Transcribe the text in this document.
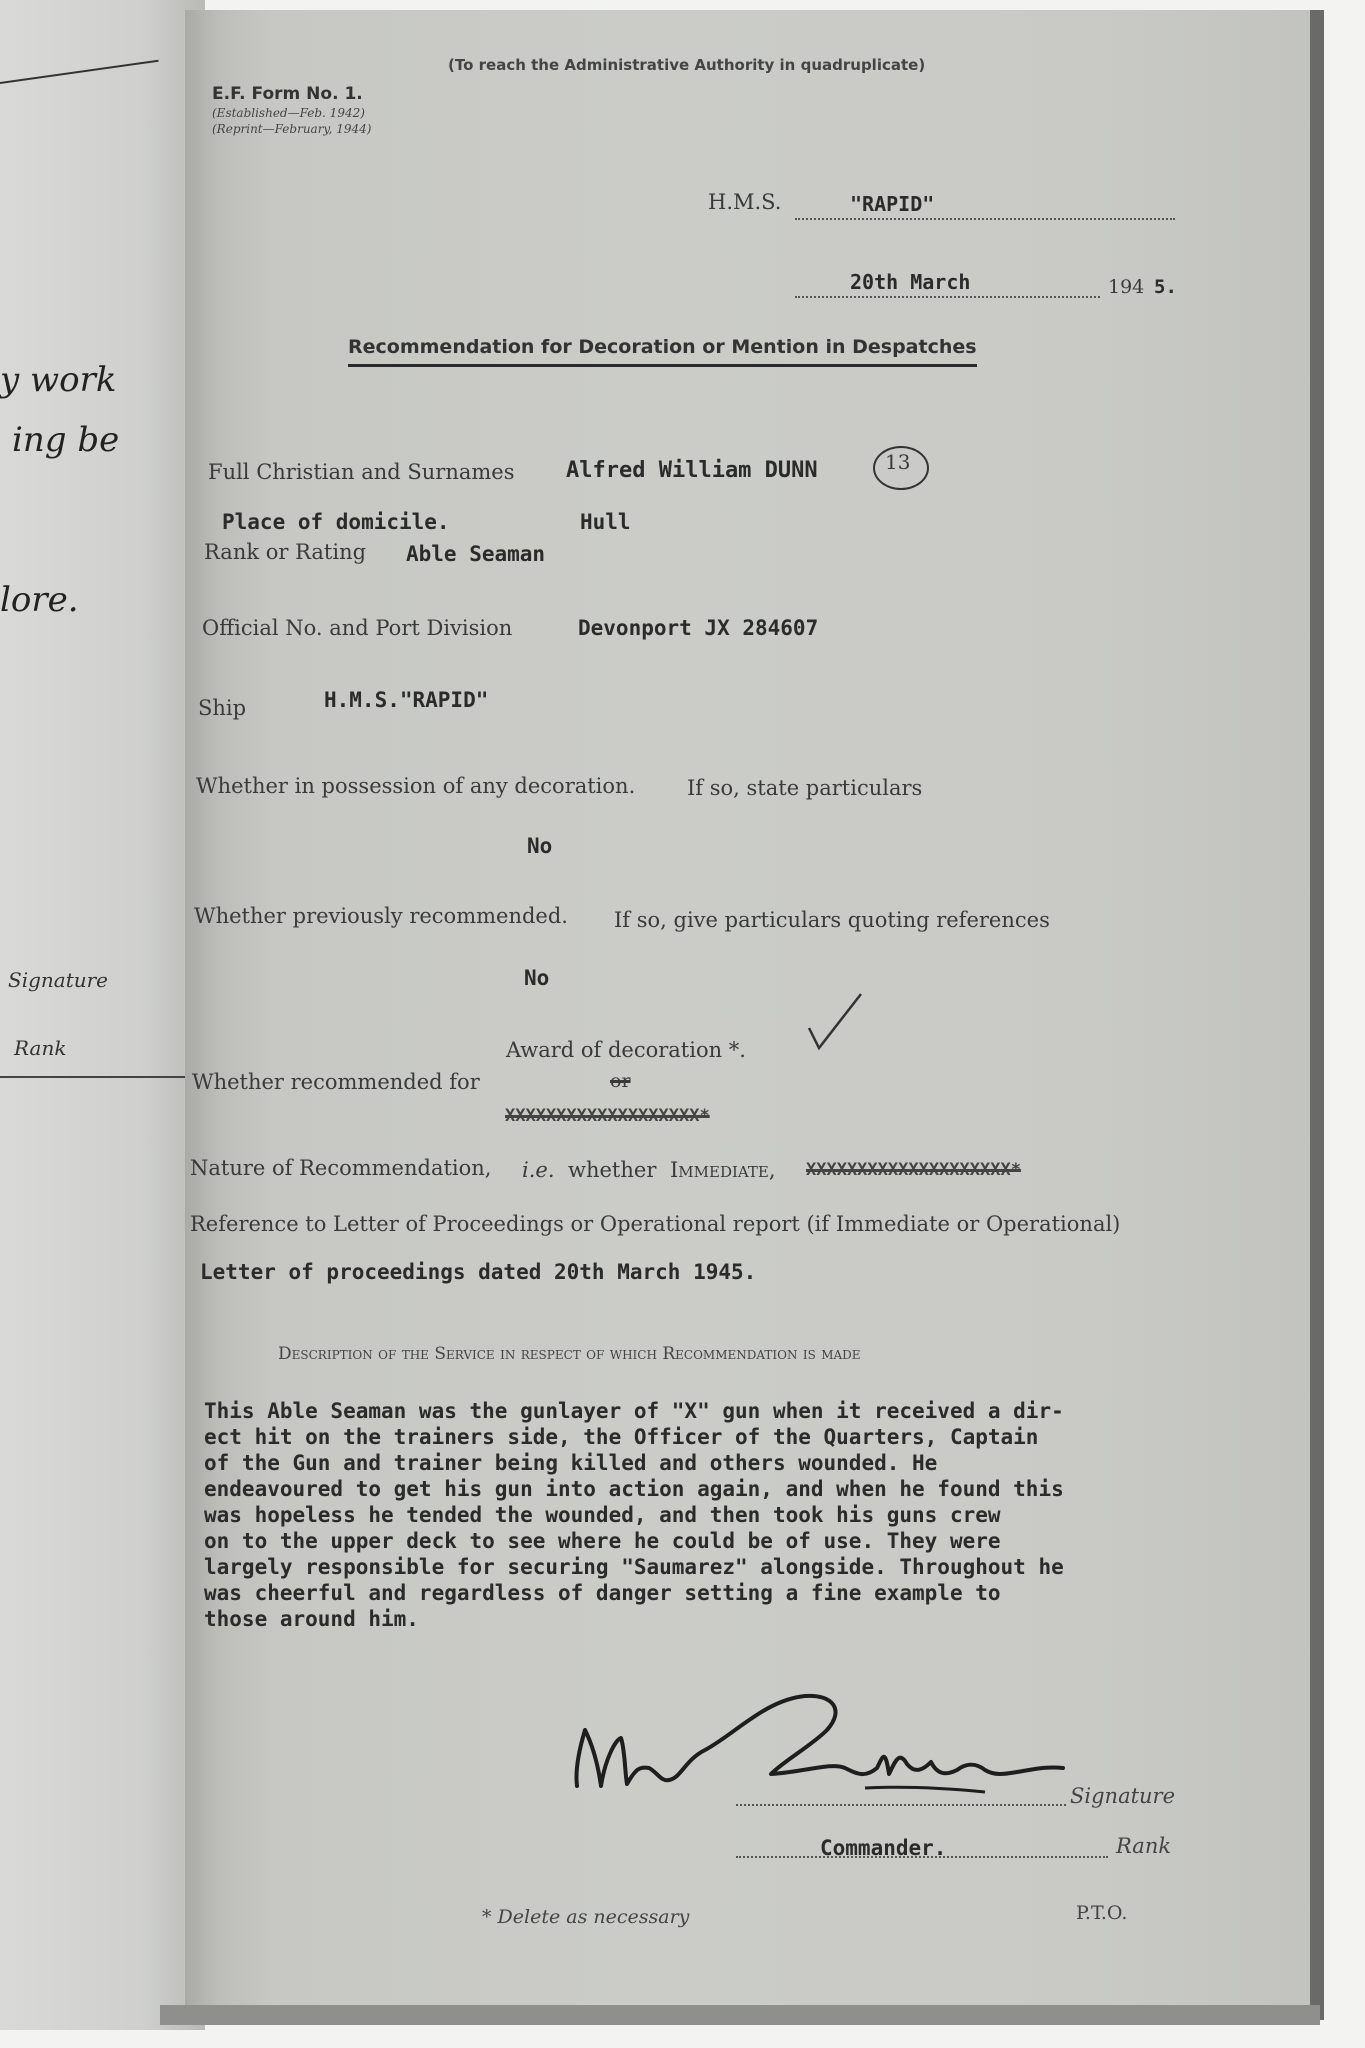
y work
ing be
lore.
Signature
Rank
(To reach the Administrative Authority in quadruplicate)
E.F. Form No. 1.
(Established—Feb. 1942)
(Reprint—February, 1944)
H.M.S.	"RAPID"
20th March	194 5.
Recommendation for Decoration or Mention in Despatches
Full Christian and Surnames Alfred William DUNN	13
Place of domicile.	Hull
Rank or Rating Able Seaman
Official No. and Port Division	Devonport JX 284607
Ship	H.M.S."RAPID"
Whether in possession of any decoration. If so, state particulars
No
Whether previously recommended. If so, give particulars quoting references
No
Award of decoration *.
Whether recommended for	or
XXXXXXXXXXXXXXXXXXX*
Nature of Recommendation, i.e. whether Immediate, XXXXXXXXXXXXXXXXXXXX*
Reference to Letter of Proceedings or Operational report (if Immediate or Operational)
Letter of proceedings dated 20th March 1945.
Description of the Service in respect of which Recommendation is made
This Able Seaman was the gunlayer of "X" gun when it received a dir-
ect hit on the trainers side, the Officer of the Quarters, Captain
of the Gun and trainer being killed and others wounded. He
endeavoured to get his gun into action again, and when he found this
was hopeless he tended the wounded, and then took his guns crew
on to the upper deck to see where he could be of use. They were
largely responsible for securing "Saumarez" alongside. Throughout he
was cheerful and regardless of danger setting a fine example to
those around him.
Signature
Commander.	Rank
* Delete as necessary	P.T.O.
